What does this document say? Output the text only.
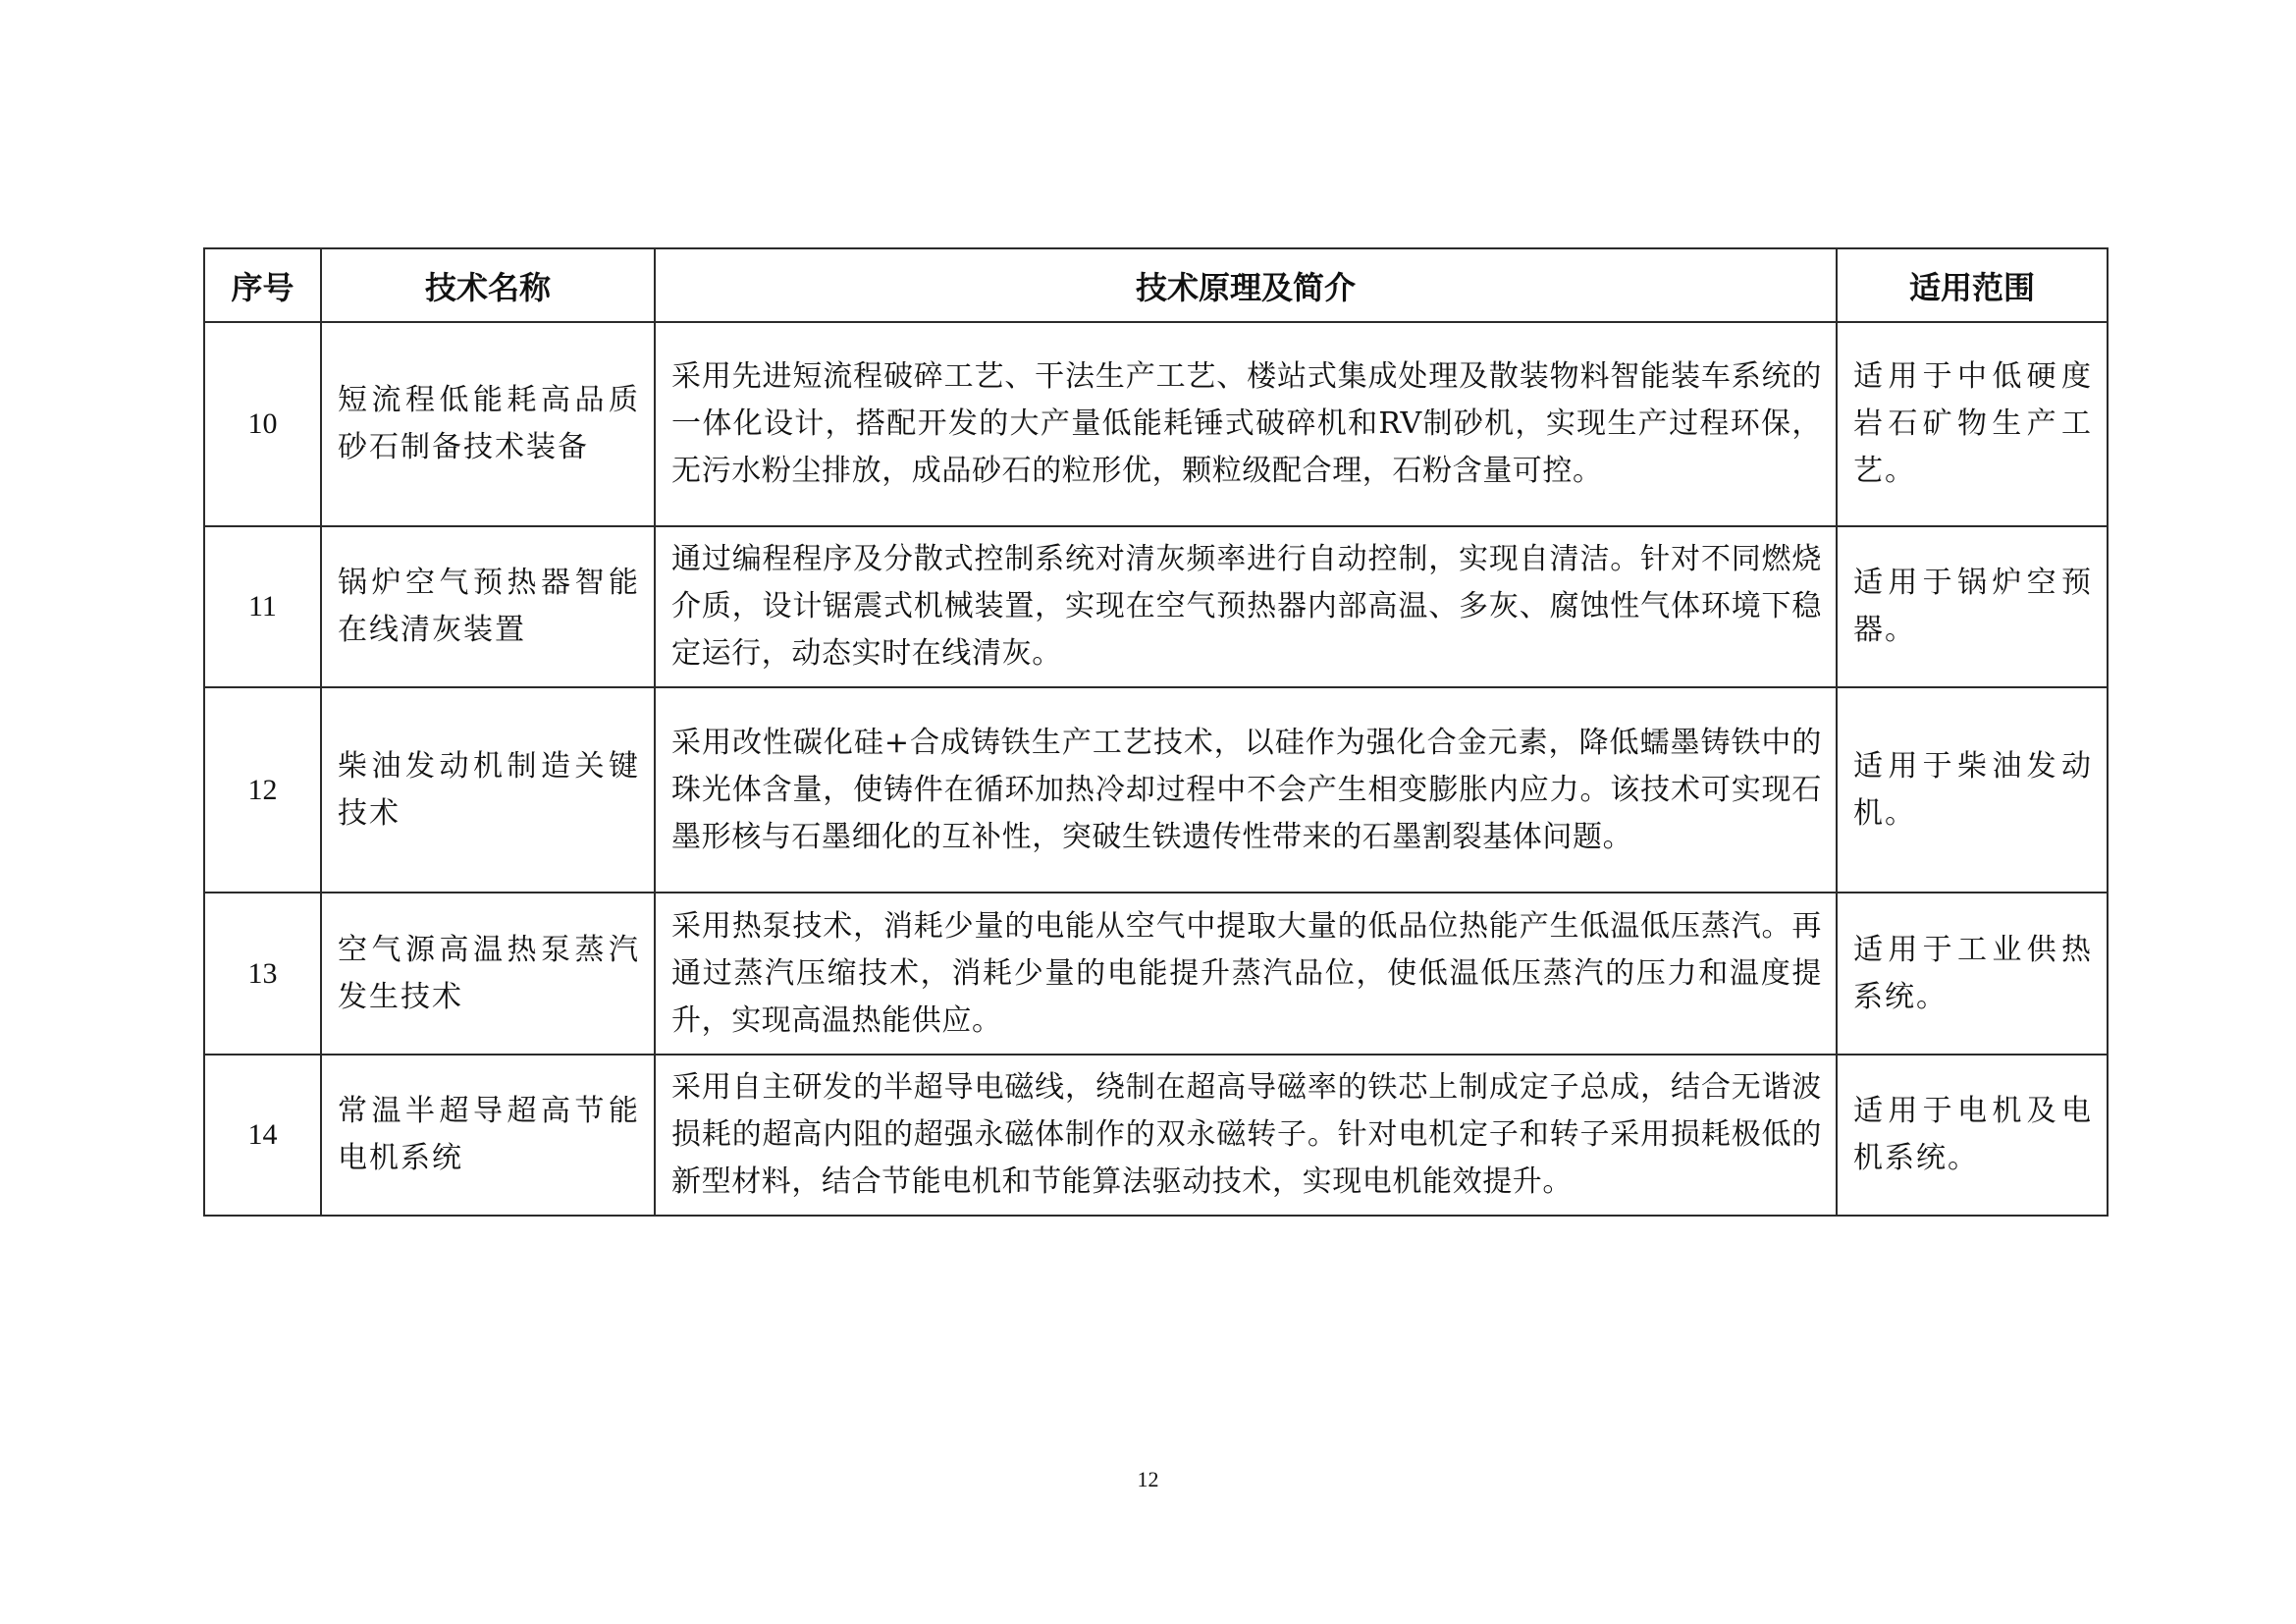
序号	技术名称	技术原理及简介	适用范围
10	短流程低能耗高品质砂石制备技术装备	采用先进短流程破碎工艺、干法生产工艺、楼站式集成处理及散装物料智能装车系统的一体化设计，搭配开发的大产量低能耗锤式破碎机和RV制砂机，实现生产过程环保，无污水粉尘排放，成品砂石的粒形优，颗粒级配合理，石粉含量可控。	适用于中低硬度岩石矿物生产工艺。
11	锅炉空气预热器智能在线清灰装置	通过编程程序及分散式控制系统对清灰频率进行自动控制，实现自清洁。针对不同燃烧介质，设计锯震式机械装置，实现在空气预热器内部高温、多灰、腐蚀性气体环境下稳定运行，动态实时在线清灰。	适用于锅炉空预器。
12	柴油发动机制造关键技术	采用改性碳化硅+合成铸铁生产工艺技术，以硅作为强化合金元素，降低蠕墨铸铁中的珠光体含量，使铸件在循环加热冷却过程中不会产生相变膨胀内应力。该技术可实现石墨形核与石墨细化的互补性，突破生铁遗传性带来的石墨割裂基体问题。	适用于柴油发动机。
13	空气源高温热泵蒸汽发生技术	采用热泵技术，消耗少量的电能从空气中提取大量的低品位热能产生低温低压蒸汽。再通过蒸汽压缩技术，消耗少量的电能提升蒸汽品位，使低温低压蒸汽的压力和温度提升，实现高温热能供应。	适用于工业供热系统。
14	常温半超导超高节能电机系统	采用自主研发的半超导电磁线，绕制在超高导磁率的铁芯上制成定子总成，结合无谐波损耗的超高内阻的超强永磁体制作的双永磁转子。针对电机定子和转子采用损耗极低的新型材料，结合节能电机和节能算法驱动技术，实现电机能效提升。	适用于电机及电机系统。
12
